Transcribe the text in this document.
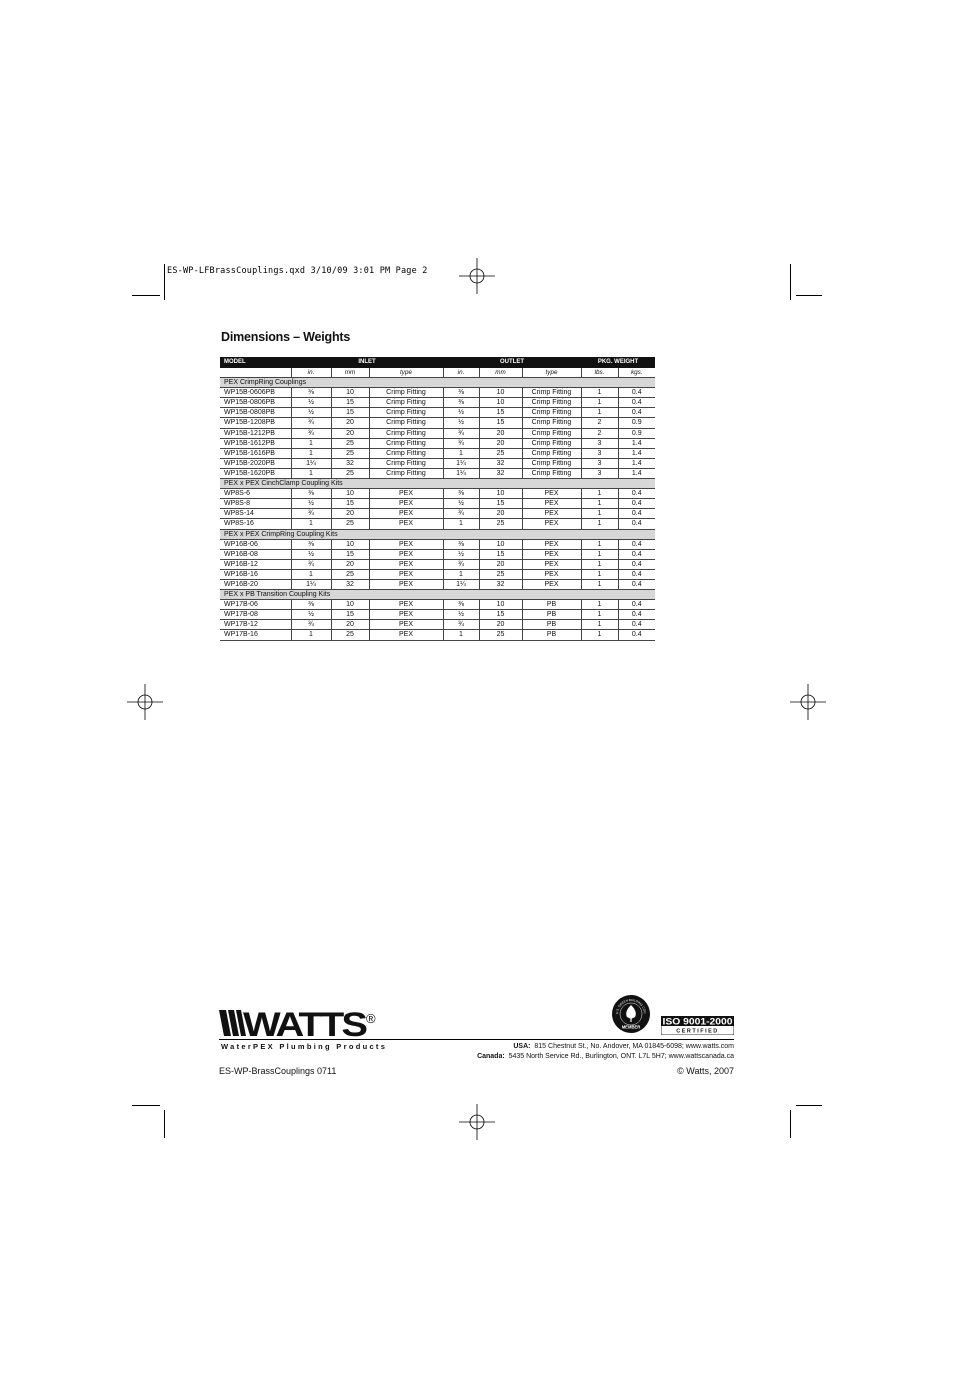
ES-WP-LFBrassCouplings.qxd 3/10/09 3:01 PM Page 2
Dimensions – Weights
MODEL	INLET			OUTLET			PKG. WEIGHT	
	in.	mm	type	in.	mm	type	lbs.	kgs.
PEX CrimpRing Couplings								
WP15B-0606PB	⅜	10	Crimp Fitting	⅜	10	Crimp Fitting	1	0.4
WP15B-0806PB	½	15	Crimp Fitting	⅜	10	Crimp Fitting	1	0.4
WP15B-0808PB	½	15	Crimp Fitting	½	15	Crimp Fitting	1	0.4
WP15B-1208PB	¾	20	Crimp Fitting	½	15	Crimp Fitting	2	0.9
WP15B-1212PB	¾	20	Crimp Fitting	¾	20	Crimp Fitting	2	0.9
WP15B-1612PB	1	25	Crimp Fitting	¾	20	Crimp Fitting	3	1.4
WP15B-1616PB	1	25	Crimp Fitting	1	25	Crimp Fitting	3	1.4
WP15B-2020PB	1¼	32	Crimp Fitting	1¼	32	Crimp Fitting	3	1.4
WP15B-1620PB	1	25	Crimp Fitting	1¼	32	Crimp Fitting	3	1.4
PEX x PEX CinchClamp Coupling Kits								
WP8S-6	⅜	10	PEX	⅜	10	PEX	1	0.4
WP8S-8	½	15	PEX	½	15	PEX	1	0.4
WP8S-14	¾	20	PEX	¾	20	PEX	1	0.4
WP8S-16	1	25	PEX	1	25	PEX	1	0.4
PEX x PEX CrimpRing Coupling Kits								
WP16B-06	⅜	10	PEX	⅜	10	PEX	1	0.4
WP16B-08	½	15	PEX	½	15	PEX	1	0.4
WP16B-12	¾	20	PEX	¾	20	PEX	1	0.4
WP16B-16	1	25	PEX	1	25	PEX	1	0.4
WP16B-20	1¼	32	PEX	1¼	32	PEX	1	0.4
PEX x PB Transition Coupling Kits								
WP17B-06	⅜	10	PEX	⅜	10	PB	1	0.4
WP17B-08	½	15	PEX	½	15	PB	1	0.4
WP17B-12	¾	20	PEX	¾	20	PB	1	0.4
WP17B-16	1	25	PEX	1	25	PB	1	0.4
WATTS
®
WaterPEX Plumbing Products
U.S. GREEN BUILDING COU
MEMBER ISO 9001-2000
CERTIFIED
USA: 815 Chestnut St., No. Andover, MA 01845-6098; www.watts.com
Canada: 5435 North Service Rd., Burlington, ONT. L7L 5H7; www.wattscanada.ca
ES-WP-BrassCouplings 0711	© Watts, 2007
